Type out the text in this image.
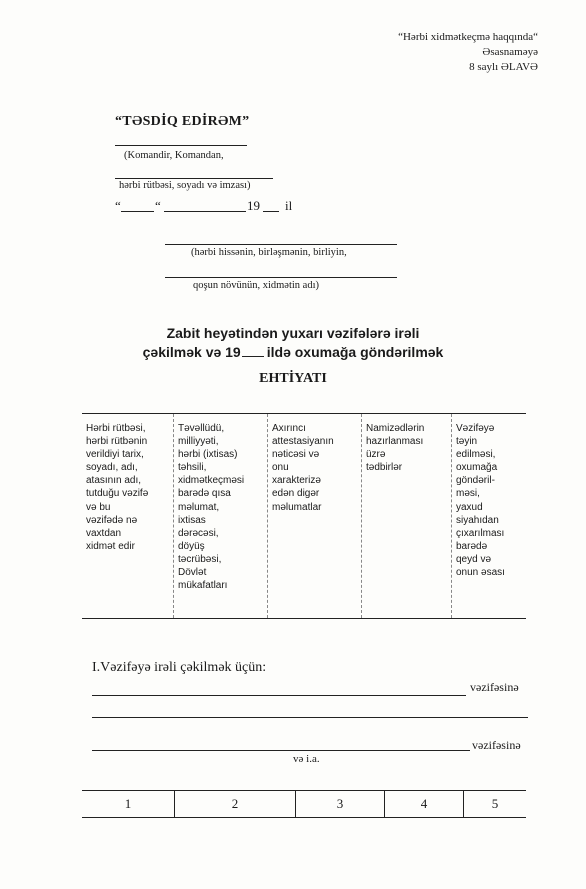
“Hərbi xidmətkeçmə haqqında“
Əsasnaməyə
8 saylı ƏLAVƏ
“TƏSDİQ EDİRƏM”
(Komandir, Komandan,
hərbi rütbəsi, soyadı və imzası)
“	“	19 il
(hərbi hissənin, birləşmənin, birliyin,
qoşun növünün, xidmətin adı)
Zabit heyətindən yuxarı vəzifələrə irəli
çəkilmək və 19 ildə oxumağa göndərilmək
EHTİYATI
Hərbi rütbəsi,
hərbi rütbənin
verildiyi tarix,
soyadı, adı,
atasının adı,
tutduğu vəzifə
və bu
vəzifədə nə
vaxtdan
xidmət edir	Təvəllüdü,
milliyyəti,
hərbi (ixtisas)
təhsili,
xidmətkeçməsi
barədə qısa
məlumat,
ixtisas
dərəcəsi,
döyüş
təcrübəsi,
Dövlət
mükafatları	Axırıncı
attestasiyanın
nəticəsi və
onu
xarakterizə
edən digər
məlumatlar	Namizədlərin
hazırlanması
üzrə
tədbirlər	Vəzifəyə
təyin
edilməsi,
oxumağa
göndəril-
məsi,
yaxud
siyahıdan
çıxarılması
barədə
qeyd və
onun əsası
I.Vəzifəyə irəli çəkilmək üçün:
vəzifəsinə
vəzifəsinə
və i.a.
1	2	3	4	5
